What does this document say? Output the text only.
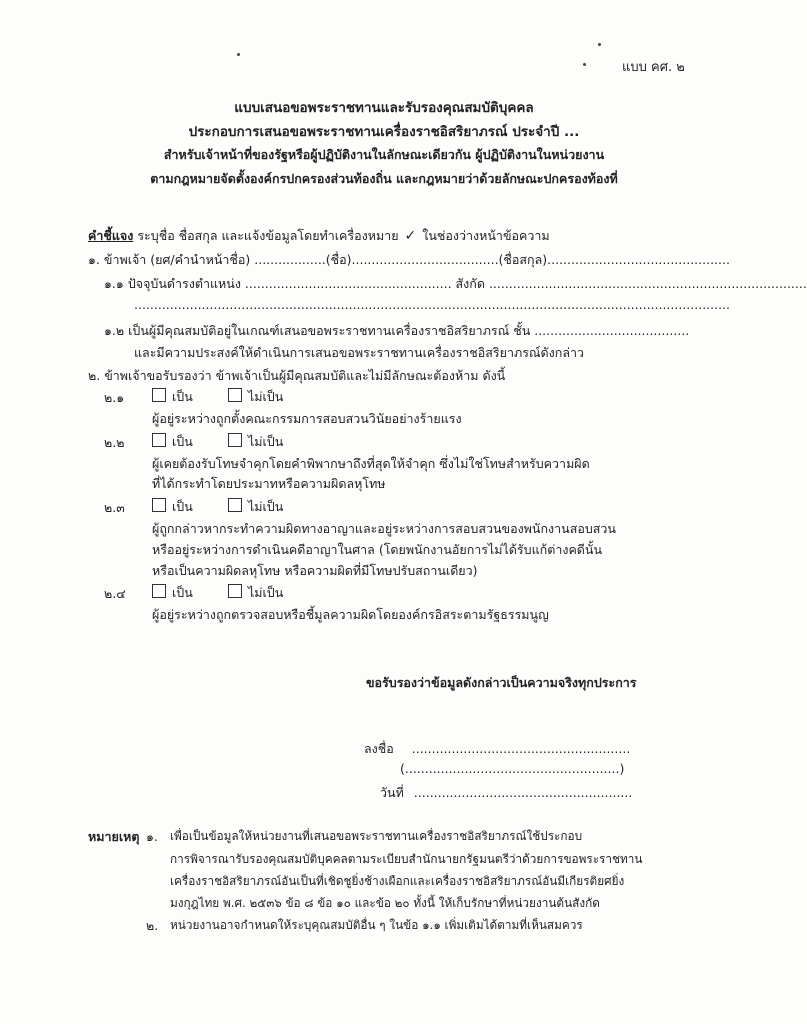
แบบ คศ. ๒
แบบเสนอขอพระราชทานและรับรองคุณสมบัติบุคคล
ประกอบการเสนอขอพระราชทานเครื่องราชอิสริยาภรณ์ ประจำปี ...
สำหรับเจ้าหน้าที่ของรัฐหรือผู้ปฏิบัติงานในลักษณะเดียวกัน ผู้ปฏิบัติงานในหน่วยงาน
ตามกฎหมายจัดตั้งองค์กรปกครองส่วนท้องถิ่น และกฎหมายว่าด้วยลักษณะปกครองท้องที่
คำชี้แจง ระบุชื่อ ชื่อสกุล และแจ้งข้อมูลโดยทำเครื่องหมาย ✓ ในช่องว่างหน้าข้อความ
๑. ข้าพเจ้า (ยศ/คำนำหน้าชื่อ) ..................(ชื่อ).....................................(ชื่อสกุล)..............................................
๑.๑ ปัจจุบันดำรงตำแหน่ง .................................................... สังกัด ................................................................................
......................................................................................................................................................
๑.๒ เป็นผู้มีคุณสมบัติอยู่ในเกณฑ์เสนอขอพระราชทานเครื่องราชอิสริยาภรณ์ ชั้น .......................................
และมีความประสงค์ให้ดำเนินการเสนอขอพระราชทานเครื่องราชอิสริยาภรณ์ดังกล่าว
๒. ข้าพเจ้าขอรับรองว่า ข้าพเจ้าเป็นผู้มีคุณสมบัติและไม่มีลักษณะต้องห้าม ดังนี้
๒.๑	เป็น	ไม่เป็น
ผู้อยู่ระหว่างถูกตั้งคณะกรรมการสอบสวนวินัยอย่างร้ายแรง
๒.๒	เป็น	ไม่เป็น
ผู้เคยต้องรับโทษจำคุกโดยคำพิพากษาถึงที่สุดให้จำคุก ซึ่งไม่ใช่โทษสำหรับความผิด
ที่ได้กระทำโดยประมาทหรือความผิดลหุโทษ
๒.๓	เป็น	ไม่เป็น
ผู้ถูกกล่าวหากระทำความผิดทางอาญาและอยู่ระหว่างการสอบสวนของพนักงานสอบสวน
หรืออยู่ระหว่างการดำเนินคดีอาญาในศาล (โดยพนักงานอัยการไม่ได้รับแก้ต่างคดีนั้น
หรือเป็นความผิดลหุโทษ หรือความผิดที่มีโทษปรับสถานเดียว)
๒.๔	เป็น	ไม่เป็น
ผู้อยู่ระหว่างถูกตรวจสอบหรือชี้มูลความผิดโดยองค์กรอิสระตามรัฐธรรมนูญ
ขอรับรองว่าข้อมูลดังกล่าวเป็นความจริงทุกประการ
ลงชื่อ .......................................................
(......................................................)
วันที่ .......................................................
หมายเหตุ ๑. เพื่อเป็นข้อมูลให้หน่วยงานที่เสนอขอพระราชทานเครื่องราชอิสริยาภรณ์ใช้ประกอบ
การพิจารณารับรองคุณสมบัติบุคคลตามระเบียบสำนักนายกรัฐมนตรีว่าด้วยการขอพระราชทาน
เครื่องราชอิสริยาภรณ์อันเป็นที่เชิดชูยิ่งช้างเผือกและเครื่องราชอิสริยาภรณ์อันมีเกียรติยศยิ่ง
มงกุฎไทย พ.ศ. ๒๕๓๖ ข้อ ๘ ข้อ ๑๐ และข้อ ๒๐ ทั้งนี้ ให้เก็บรักษาที่หน่วยงานต้นสังกัด
๒. หน่วยงานอาจกำหนดให้ระบุคุณสมบัติอื่น ๆ ในข้อ ๑.๑ เพิ่มเติมได้ตามที่เห็นสมควร
